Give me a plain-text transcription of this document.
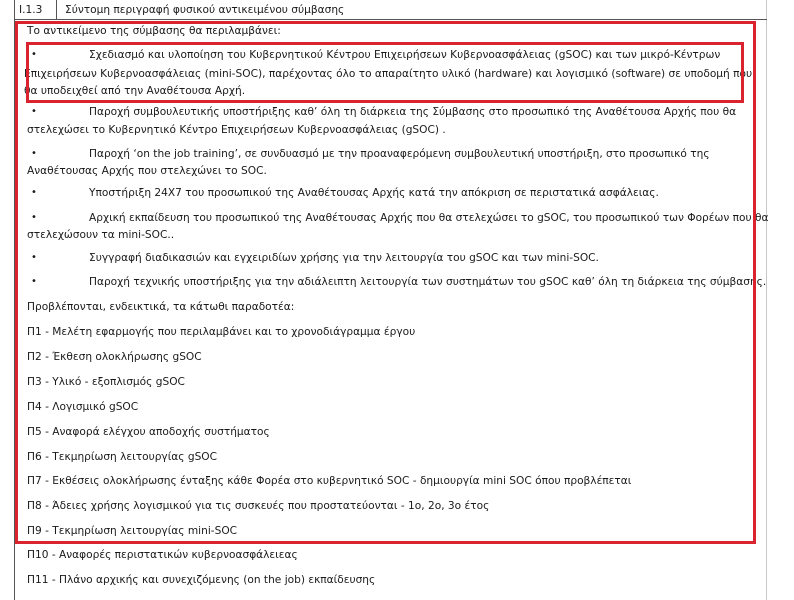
I.1.3	Σύντομη περιγραφή φυσικού αντικειμένου σύμβασης
Το αντικείμενο της σύμβασης θα περιλαμβάνει:
•	Σχεδιασμό και υλοποίηση του Κυβερνητικού Κέντρου Επιχειρήσεων Κυβερνοασφάλειας (gSOC) και των μικρό-Κέντρων
Επιχειρήσεων Κυβερνοασφάλειας (mini-SOC), παρέχοντας όλο το απαραίτητο υλικό (hardware) και λογισμικό (software) σε υποδομή που
θα υποδειχθεί από την Αναθέτουσα Αρχή.
•	Παροχή συμβουλευτικής υποστήριξης καθ’ όλη τη διάρκεια της Σύμβασης στο προσωπικό της Αναθέτουσα Αρχής που θα
στελεχώσει το Κυβερνητικό Κέντρο Επιχειρήσεων Κυβερνοασφάλειας (gSOC) .
•	Παροχή ‘on the job training’, σε συνδυασμό με την προαναφερόμενη συμβουλευτική υποστήριξη, στο προσωπικό της
Αναθέτουσας Αρχής που στελεχώνει το SOC.
•	Υποστήριξη 24Χ7 του προσωπικού της Αναθέτουσας Αρχής κατά την απόκριση σε περιστατικά ασφάλειας.
•	Αρχική εκπαίδευση του προσωπικού της Αναθέτουσας Αρχής που θα στελεχώσει το gSOC, του προσωπικού των Φορέων που θα
στελεχώσουν τα mini-SOC..
•	Συγγραφή διαδικασιών και εγχειριδίων χρήσης για την λειτουργία του gSOC και των mini-SOC.
•	Παροχή τεχνικής υποστήριξης για την αδιάλειπτη λειτουργία των συστημάτων του gSOC καθ’ όλη τη διάρκεια της σύμβασης.
Προβλέπονται, ενδεικτικά, τα κάτωθι παραδοτέα:
Π1 - Μελέτη εφαρμογής που περιλαμβάνει και το χρονοδιάγραμμα έργου
Π2 - Έκθεση ολοκλήρωσης gSOC
Π3 - Υλικό - εξοπλισμός gSOC
Π4 - Λογισμικό gSOC
Π5 - Αναφορά ελέγχου αποδοχής συστήματος
Π6 - Τεκμηρίωση λειτουργίας gSOC
Π7 - Εκθέσεις ολοκλήρωσης ένταξης κάθε Φορέα στο κυβερνητικό SOC - δημιουργία mini SOC όπου προβλέπεται
Π8 - Άδειες χρήσης λογισμικού για τις συσκευές που προστατεύονται - 1ο, 2ο, 3ο έτος
Π9 - Τεκμηρίωση λειτουργίας mini-SOC
Π10 - Αναφορές περιστατικών κυβερνοασφάλειεας
Π11 - Πλάνο αρχικής και συνεχιζόμενης (on the job) εκπαίδευσης
